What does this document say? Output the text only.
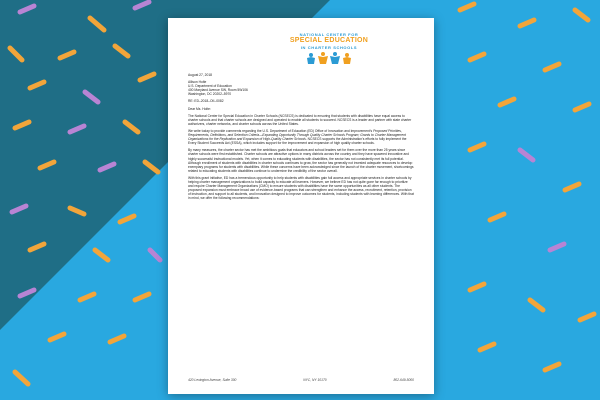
NATIONAL CENTER FOR
SPECIAL EDUCATION
IN CHARTER SCHOOLS

August 27, 2018

Allison Holte
U.S. Department of Education
400 Maryland Avenue SW, Room 5W106
Washington, DC 20202–5970

RE: ED–2018–OII–0082

Dear Ms. Holte:

The National Center for Special Education in Charter Schools (NCSECS) is dedicated to ensuring that students with disabilities have equal access to charter schools and that charter schools are designed and operated to enable all students to succeed. NCSECS is a leader and partner with state charter authorizers, charter networks, and charter schools across the United States.

We write today to provide comments regarding the U.S. Department of Education (ED) Office of Innovation and Improvement’s Proposed Priorities, Requirements, Definitions, and Selection Criteria—Expanding Opportunity Through Quality Charter Schools Program; Grants to Charter Management Organizations for the Replication and Expansion of High-Quality Charter Schools. NCSECS supports the Administration’s efforts to fully implement the Every Student Succeeds Act (ESSA), which includes support for the improvement and expansion of high quality charter schools.

By many measures, the charter sector has met the ambitious goals that educators and school leaders set for them over the more than 25 years since charter schools were first established. Charter schools are attractive options in many districts across the country and they have spawned innovative and highly successful instructional models. Yet, when it comes to educating students with disabilities, the sector has not consistently met its full potential. Although enrollment of students with disabilities in charter schools continues to grow, the sector has generally not invested adequate resources to develop exemplary programs for students with disabilities. While these concerns have been acknowledged since the launch of the charter movement, shortcomings related to educating students with disabilities continue to undermine the credibility of the sector overall.

With this grant initiative, ED has a tremendous opportunity to help students with disabilities gain full access and appropriate services in charter schools by helping charter management organizations to build capacity to educate all learners. However, we believe ED has not quite gone far enough to prioritize and require Charter Management Organizations (CMO) to ensure students with disabilities have the same opportunities as all other students. The proposed expansion must embrace broad use of evidence-based programs that can strengthen and enhance the access, recruitment, retention, provision of instruction, and support to all students, and innovation designed to improve outcomes for students, including students with learning differences. With that in mind, we offer the following recommendations:

420 Lexington Avenue, Suite 300	NYC, NY 10170	802-649-5000
